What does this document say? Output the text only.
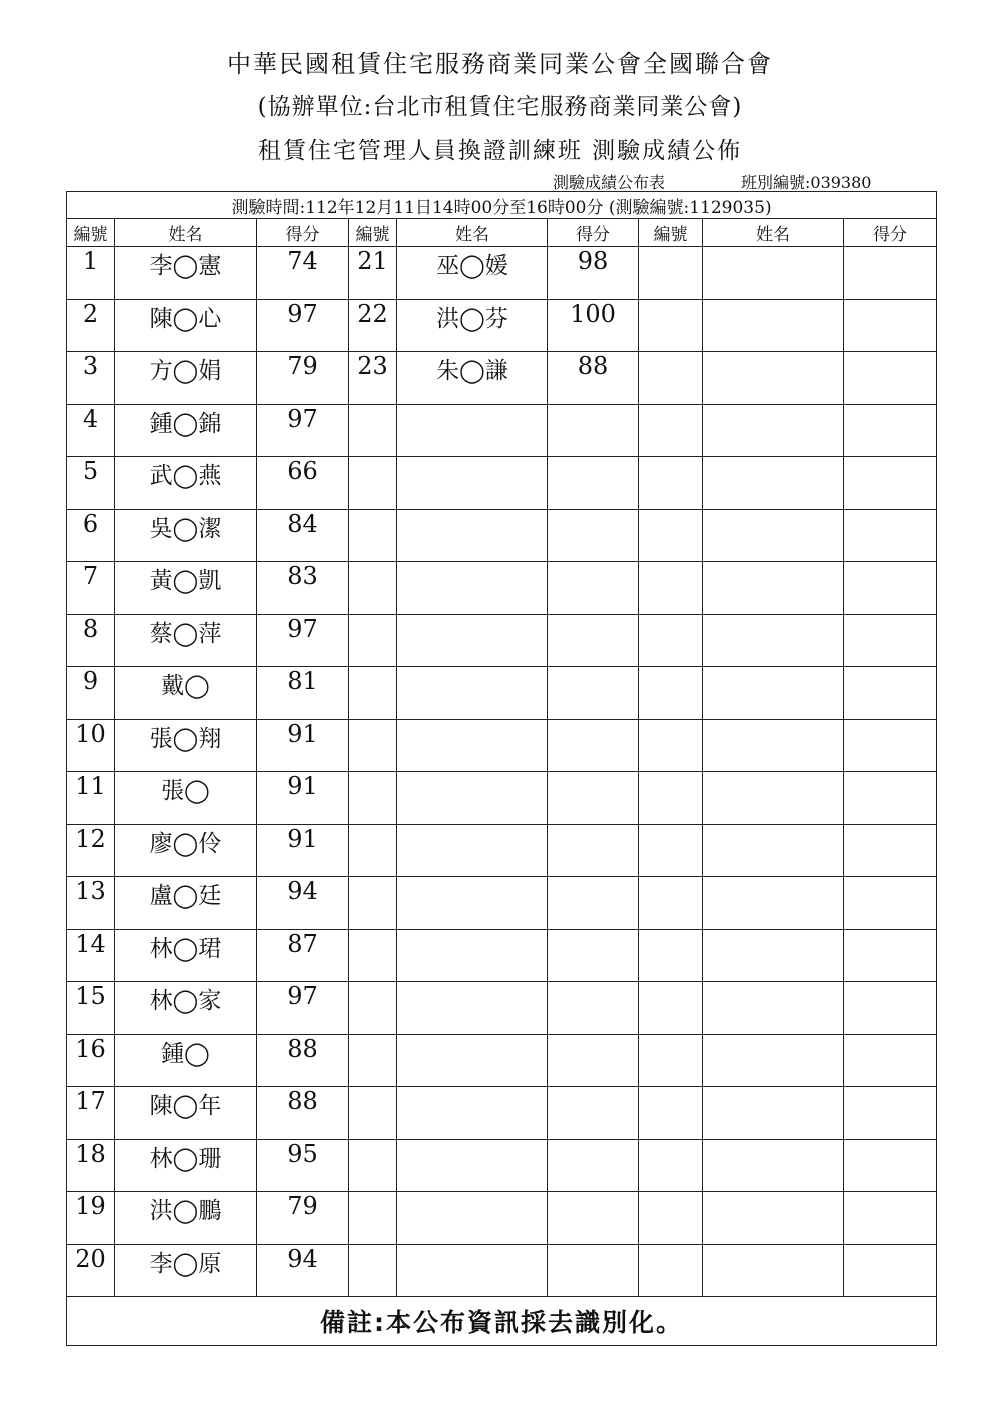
中華民國租賃住宅服務商業同業公會全國聯合會
(協辦單位:台北市租賃住宅服務商業同業公會)
租賃住宅管理人員換證訓練班 測驗成績公佈
測驗成績公布表	班別編號:039380
測驗時間:112年12月11日14時00分至16時00分 (測驗編號:1129035)								
編號	姓名	得分	編號	姓名	得分	編號	姓名	得分
1	李◯憲	74	21	巫◯媛	98			
2	陳◯心	97	22	洪◯芬	100			
3	方◯娟	79	23	朱◯謙	88			
4	鍾◯錦	97						
5	武◯燕	66						
6	吳◯潔	84						
7	黃◯凱	83						
8	蔡◯萍	97						
9	戴◯	81						
10	張◯翔	91						
11	張◯	91						
12	廖◯伶	91						
13	盧◯廷	94						
14	林◯珺	87						
15	林◯家	97						
16	鍾◯	88						
17	陳◯年	88						
18	林◯珊	95						
19	洪◯鵬	79						
20	李◯原	94						
備註:本公布資訊採去識別化。								
